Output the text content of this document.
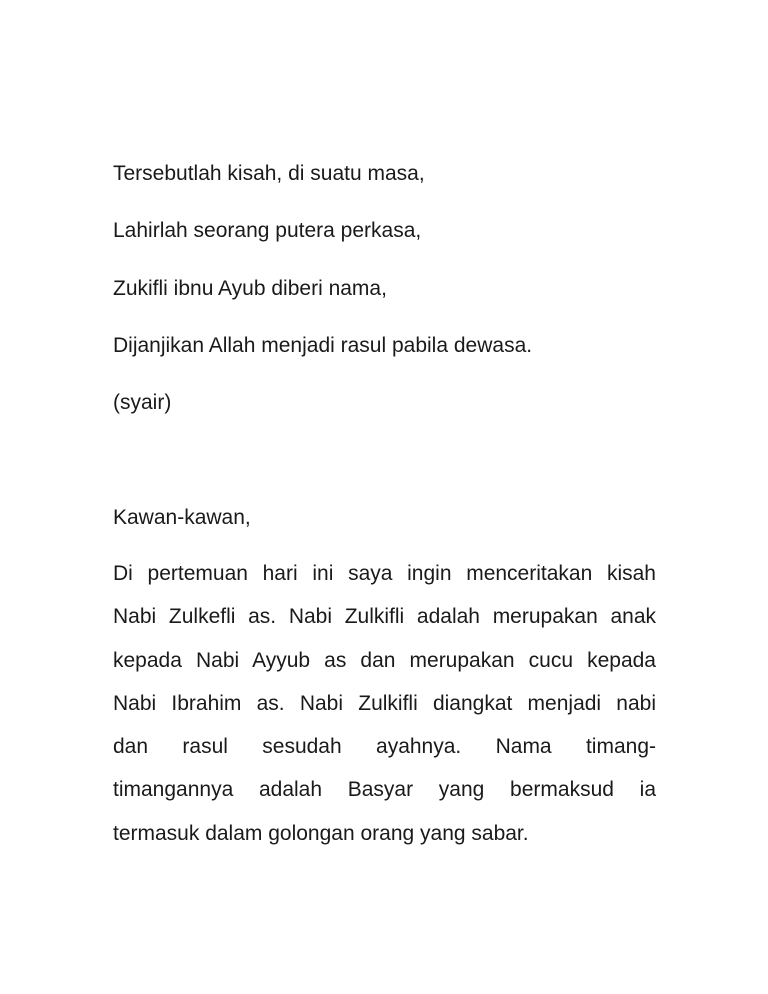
Tersebutlah kisah, di suatu masa,

Lahirlah seorang putera perkasa,

Zukifli ibnu Ayub diberi nama,

Dijanjikan Allah menjadi rasul pabila dewasa.

(syair)

Kawan-kawan,

Di pertemuan hari ini saya ingin menceritakan kisah
Nabi Zulkefli as. Nabi Zulkifli adalah merupakan anak
kepada Nabi Ayyub as dan merupakan cucu kepada
Nabi Ibrahim as. Nabi Zulkifli diangkat menjadi nabi
dan rasul sesudah ayahnya. Nama timang-
timangannya adalah Basyar yang bermaksud ia
termasuk dalam golongan orang yang sabar.
